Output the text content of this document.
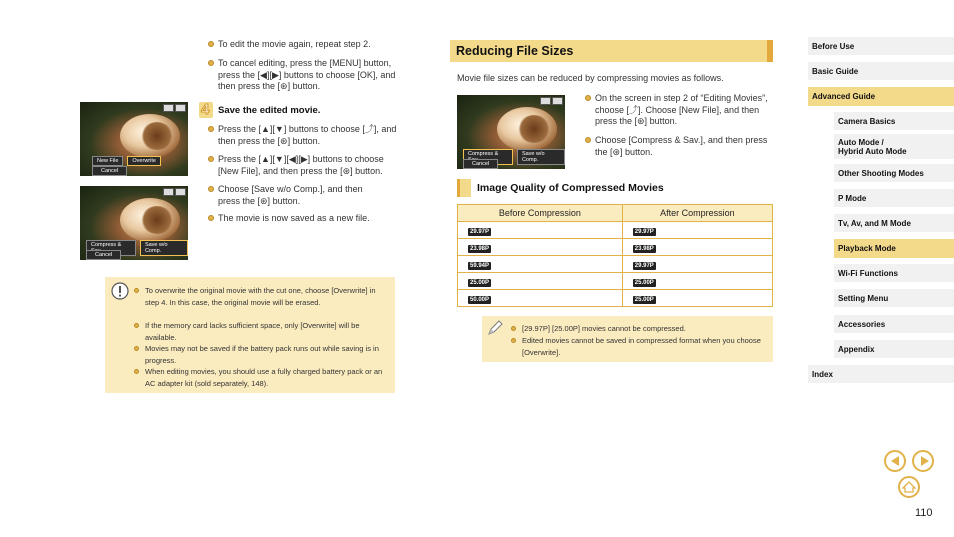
To edit the movie again, repeat step 2.
To cancel editing, press the [MENU] button, press the [◀][▶] buttons to choose [OK], and then press the [⊛] button.
New File	Overwrite
Cancel
Compress &	Save w/o Comp.
Cancel
4 Save the edited movie.
Press the [▲][▼] buttons to choose [⤴], and then press the [⊛] button.
Press the [▲][▼][◀][▶] buttons to choose [New File], and then press the [⊛] button.
Choose [Save w/o Comp.], and then press the [⊛] button.
The movie is now saved as a new file.
To overwrite the original movie with the cut one, choose [Overwrite] in step 4. In this case, the original movie will be erased.
If the memory card lacks sufficient space, only [Overwrite] will be available.
Movies may not be saved if the battery pack runs out while saving is in progress.
When editing movies, you should use a fully charged battery pack or an AC adapter kit (sold separately, 148).
Reducing File Sizes
Movie file sizes can be reduced by compressing movies as follows.
Compress &	Save w/o Comp.
Cancel
On the screen in step 2 of “Editing Movies”, choose [⤴]. Choose [New File], and then press the [⊛] button.
Choose [Compress & Sav.], and then press the [⊛] button.
Image Quality of Compressed Movies
Before Compression	After Compression
29.97P	29.97P
23.98P	23.98P
59.94P	29.97P
25.00P	25.00P
50.00P	25.00P
[29.97P] [25.00P] movies cannot be compressed.
Edited movies cannot be saved in compressed format when you choose [Overwrite].
Before Use
Basic Guide
Advanced Guide
Camera Basics
Auto Mode /
Hybrid Auto Mode
Other Shooting Modes
P Mode
Tv, Av, and M Mode
Playback Mode
Wi-Fi Functions
Setting Menu
Accessories
Appendix
Index
110
